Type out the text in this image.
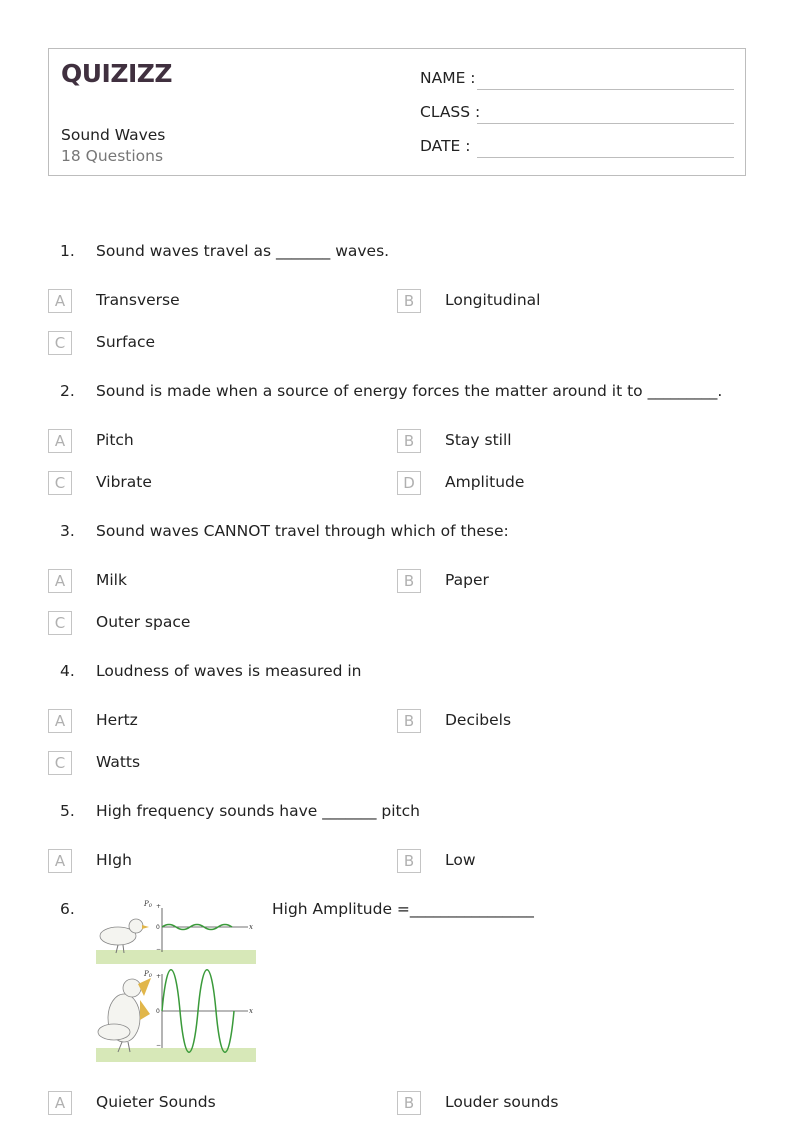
QUIZIZZ
Sound Waves
18 Questions
NAME :
CLASS :
DATE :
1. Sound waves travel as _______ waves.
A	Transverse	B	Longitudinal
C	Surface
2. Sound is made when a source of energy forces the matter around it to _________.
A	Pitch	B	Stay still
C	Vibrate	D	Amplitude
3. Sound waves CANNOT travel through which of these:
A	Milk	B	Paper
C	Outer space
4. Loudness of waves is measured in
A	Hertz	B	Decibels
C	Watts
5. High frequency sounds have _______ pitch
A	HIgh	B	Low
6.	High Amplitude =________________
P0 +
0
−
x
P0 +
0
−
x
A	Quieter Sounds	B	Louder sounds
